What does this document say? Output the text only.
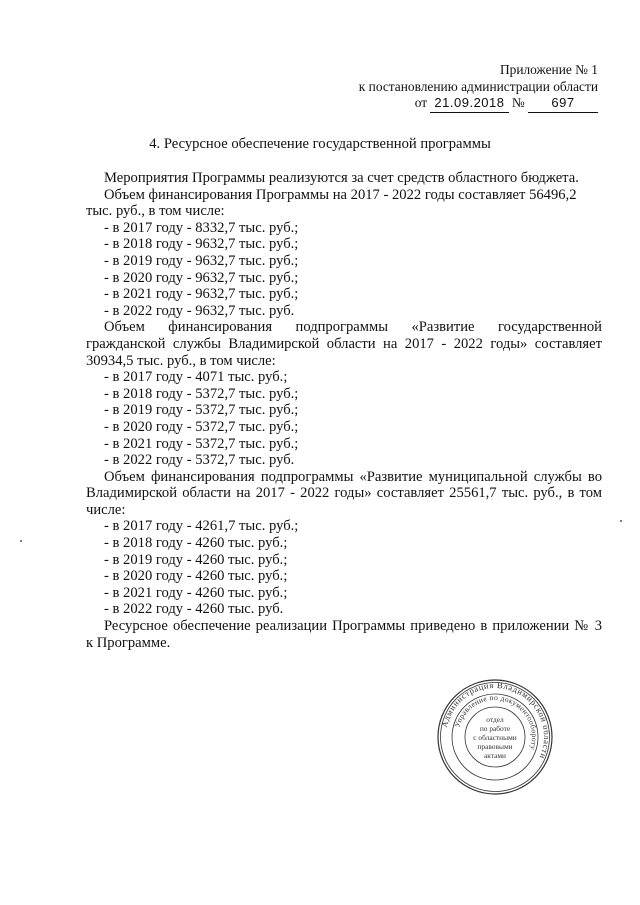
Приложение № 1
к постановлению администрации области
от 21.09.2018 № 697
4. Ресурсное обеспечение государственной программы

Мероприятия Программы реализуются за счет средств областного бюджета.

Объем финансирования Программы на 2017 - 2022 годы составляет 56496,2

тыс. руб., в том числе:

- в 2017 году - 8332,7 тыс. руб.;

- в 2018 году - 9632,7 тыс. руб.;

- в 2019 году - 9632,7 тыс. руб.;

- в 2020 году - 9632,7 тыс. руб.;

- в 2021 году - 9632,7 тыс. руб.;

- в 2022 году - 9632,7 тыс. руб.

Объем финансирования подпрограммы «Развитие государственной

гражданской службы Владимирской области на 2017 - 2022 годы» составляет

30934,5 тыс. руб., в том числе:

- в 2017 году - 4071 тыс. руб.;

- в 2018 году - 5372,7 тыс. руб.;

- в 2019 году - 5372,7 тыс. руб.;

- в 2020 году - 5372,7 тыс. руб.;

- в 2021 году - 5372,7 тыс. руб.;

- в 2022 году - 5372,7 тыс. руб.

Объем финансирования подпрограммы «Развитие муниципальной службы во

Владимирской области на 2017 - 2022 годы» составляет 25561,7 тыс. руб., в том

числе:

- в 2017 году - 4261,7 тыс. руб.;

- в 2018 году - 4260 тыс. руб.;

- в 2019 году - 4260 тыс. руб.;

- в 2020 году - 4260 тыс. руб.;

- в 2021 году - 4260 тыс. руб.;

- в 2022 году - 4260 тыс. руб.

Ресурсное обеспечение реализации Программы приведено в приложении № 3

к Программе.

Администрация Владимирской области
Управление по документообороту
отдел
по работе
с областными
правовыми
актами
